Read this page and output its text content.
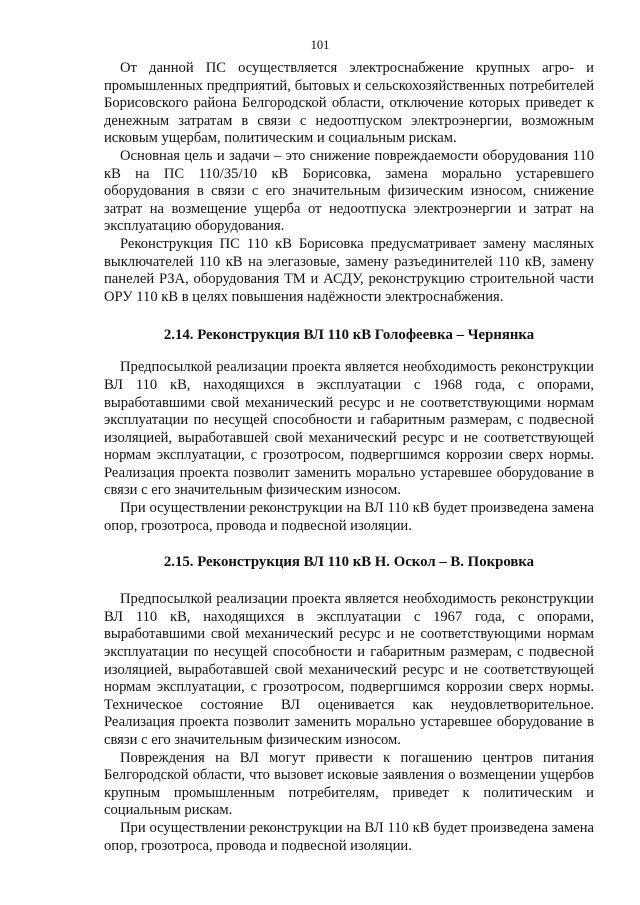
101

От данной ПС осуществляется электроснабжение крупных агро- и промышленных предприятий, бытовых и сельскохозяйственных потребителей Борисовского района Белгородской области, отключение которых приведет к денежным затратам в связи с недоотпуском электроэнергии, возможным исковым ущербам, политическим и социальным рискам.

Основная цель и задачи – это снижение повреждаемости оборудования 110 кВ на ПС 110/35/10 кВ Борисовка, замена морально устаревшего оборудования в связи с его значительным физическим износом, снижение затрат на возмещение ущерба от недоотпуска электроэнергии и затрат на эксплуатацию оборудования.

Реконструкция ПС 110 кВ Борисовка предусматривает замену масляных выключателей 110 кВ на элегазовые, замену разъединителей 110 кВ, замену панелей РЗА, оборудования ТМ и АСДУ, реконструкцию строительной части ОРУ 110 кВ в целях повышения надёжности электроснабжения.

2.14. Реконструкция ВЛ 110 кВ Голофеевка – Чернянка

Предпосылкой реализации проекта является необходимость реконструкции ВЛ 110 кВ, находящихся в эксплуатации с 1968 года, с опорами, выработавшими свой механический ресурс и не соответствующими нормам эксплуатации по несущей способности и габаритным размерам, с подвесной изоляцией, выработавшей свой механический ресурс и не соответствующей нормам эксплуатации, с грозотросом, подвергшимся коррозии сверх нормы. Реализация проекта позволит заменить морально устаревшее оборудование в связи с его значительным физическим износом.

При осуществлении реконструкции на ВЛ 110 кВ будет произведена замена опор, грозотроса, провода и подвесной изоляции.

2.15. Реконструкция ВЛ 110 кВ Н. Оскол – В. Покровка

Предпосылкой реализации проекта является необходимость реконструкции ВЛ 110 кВ, находящихся в эксплуатации с 1967 года, с опорами, выработавшими свой механический ресурс и не соответствующими нормам эксплуатации по несущей способности и габаритным размерам, с подвесной изоляцией, выработавшей свой механический ресурс и не соответствующей нормам эксплуатации, с грозотросом, подвергшимся коррозии сверх нормы. Техническое состояние ВЛ оценивается как неудовлетворительное. Реализация проекта позволит заменить морально устаревшее оборудование в связи с его значительным физическим износом.

Повреждения на ВЛ могут привести к погашению центров питания Белгородской области, что вызовет исковые заявления о возмещении ущербов крупным промышленным потребителям, приведет к политическим и социальным рискам.

При осуществлении реконструкции на ВЛ 110 кВ будет произведена замена опор, грозотроса, провода и подвесной изоляции.
